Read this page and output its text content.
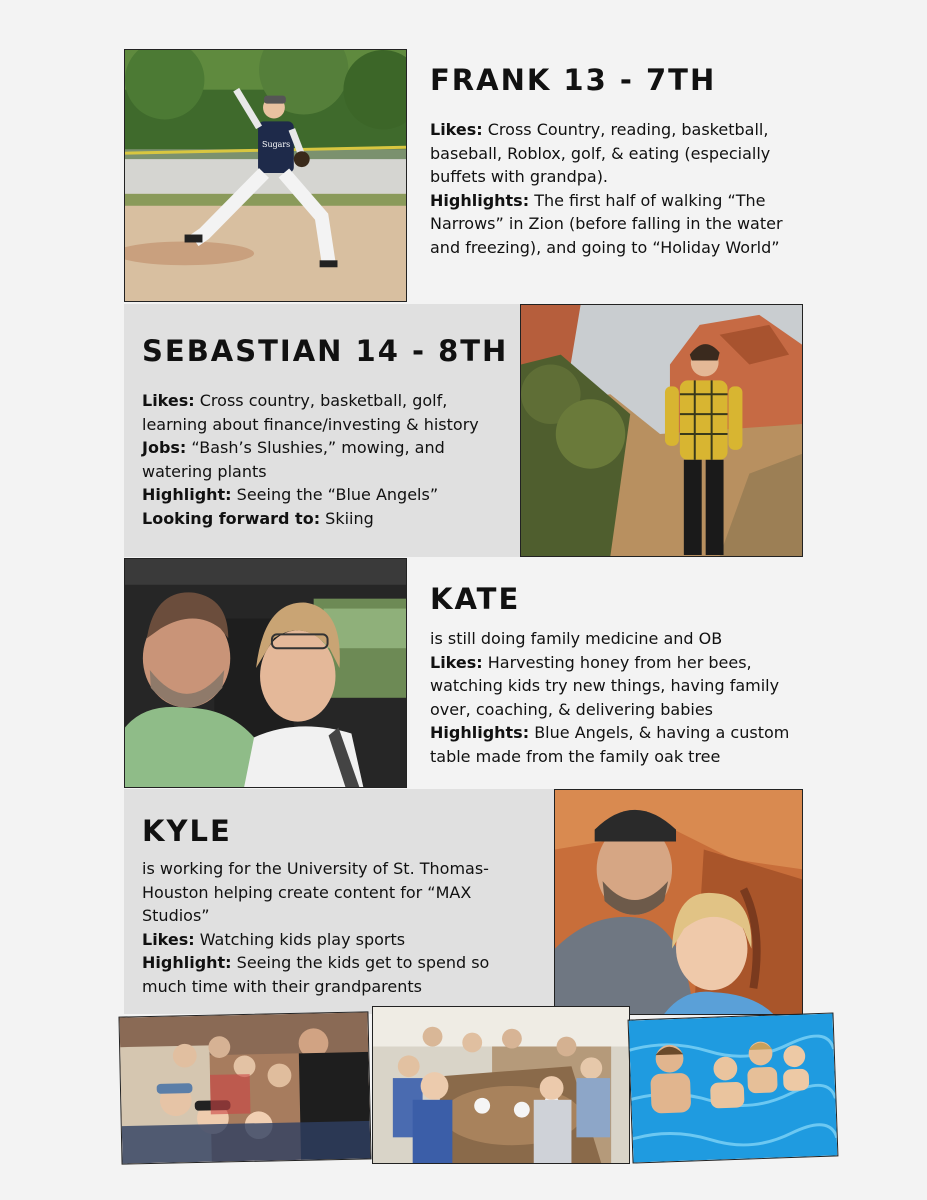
Sugars
FRANK 13 - 7TH

Likes: Cross Country, reading, basketball, baseball, Roblox, golf, & eating (especially buffets with grandpa).

Highlights: The first half of walking “The Narrows” in Zion (before falling in the water and freezing), and going to “Holiday World”

SEBASTIAN 14 - 8TH

Likes: Cross country, basketball, golf, learning about finance/investing & history

Jobs: “Bash’s Slushies,” mowing, and watering plants

Highlight: Seeing the “Blue Angels”

Looking forward to: Skiing

KATE

is still doing family medicine and OB

Likes: Harvesting honey from her bees, watching kids try new things, having family over, coaching, & delivering babies

Highlights: Blue Angels, & having a custom table made from the family oak tree

KYLE

is working for the University of St. Thomas-Houston helping create content for “MAX Studios”

Likes: Watching kids play sports

Highlight: Seeing the kids get to spend so much time with their grandparents
